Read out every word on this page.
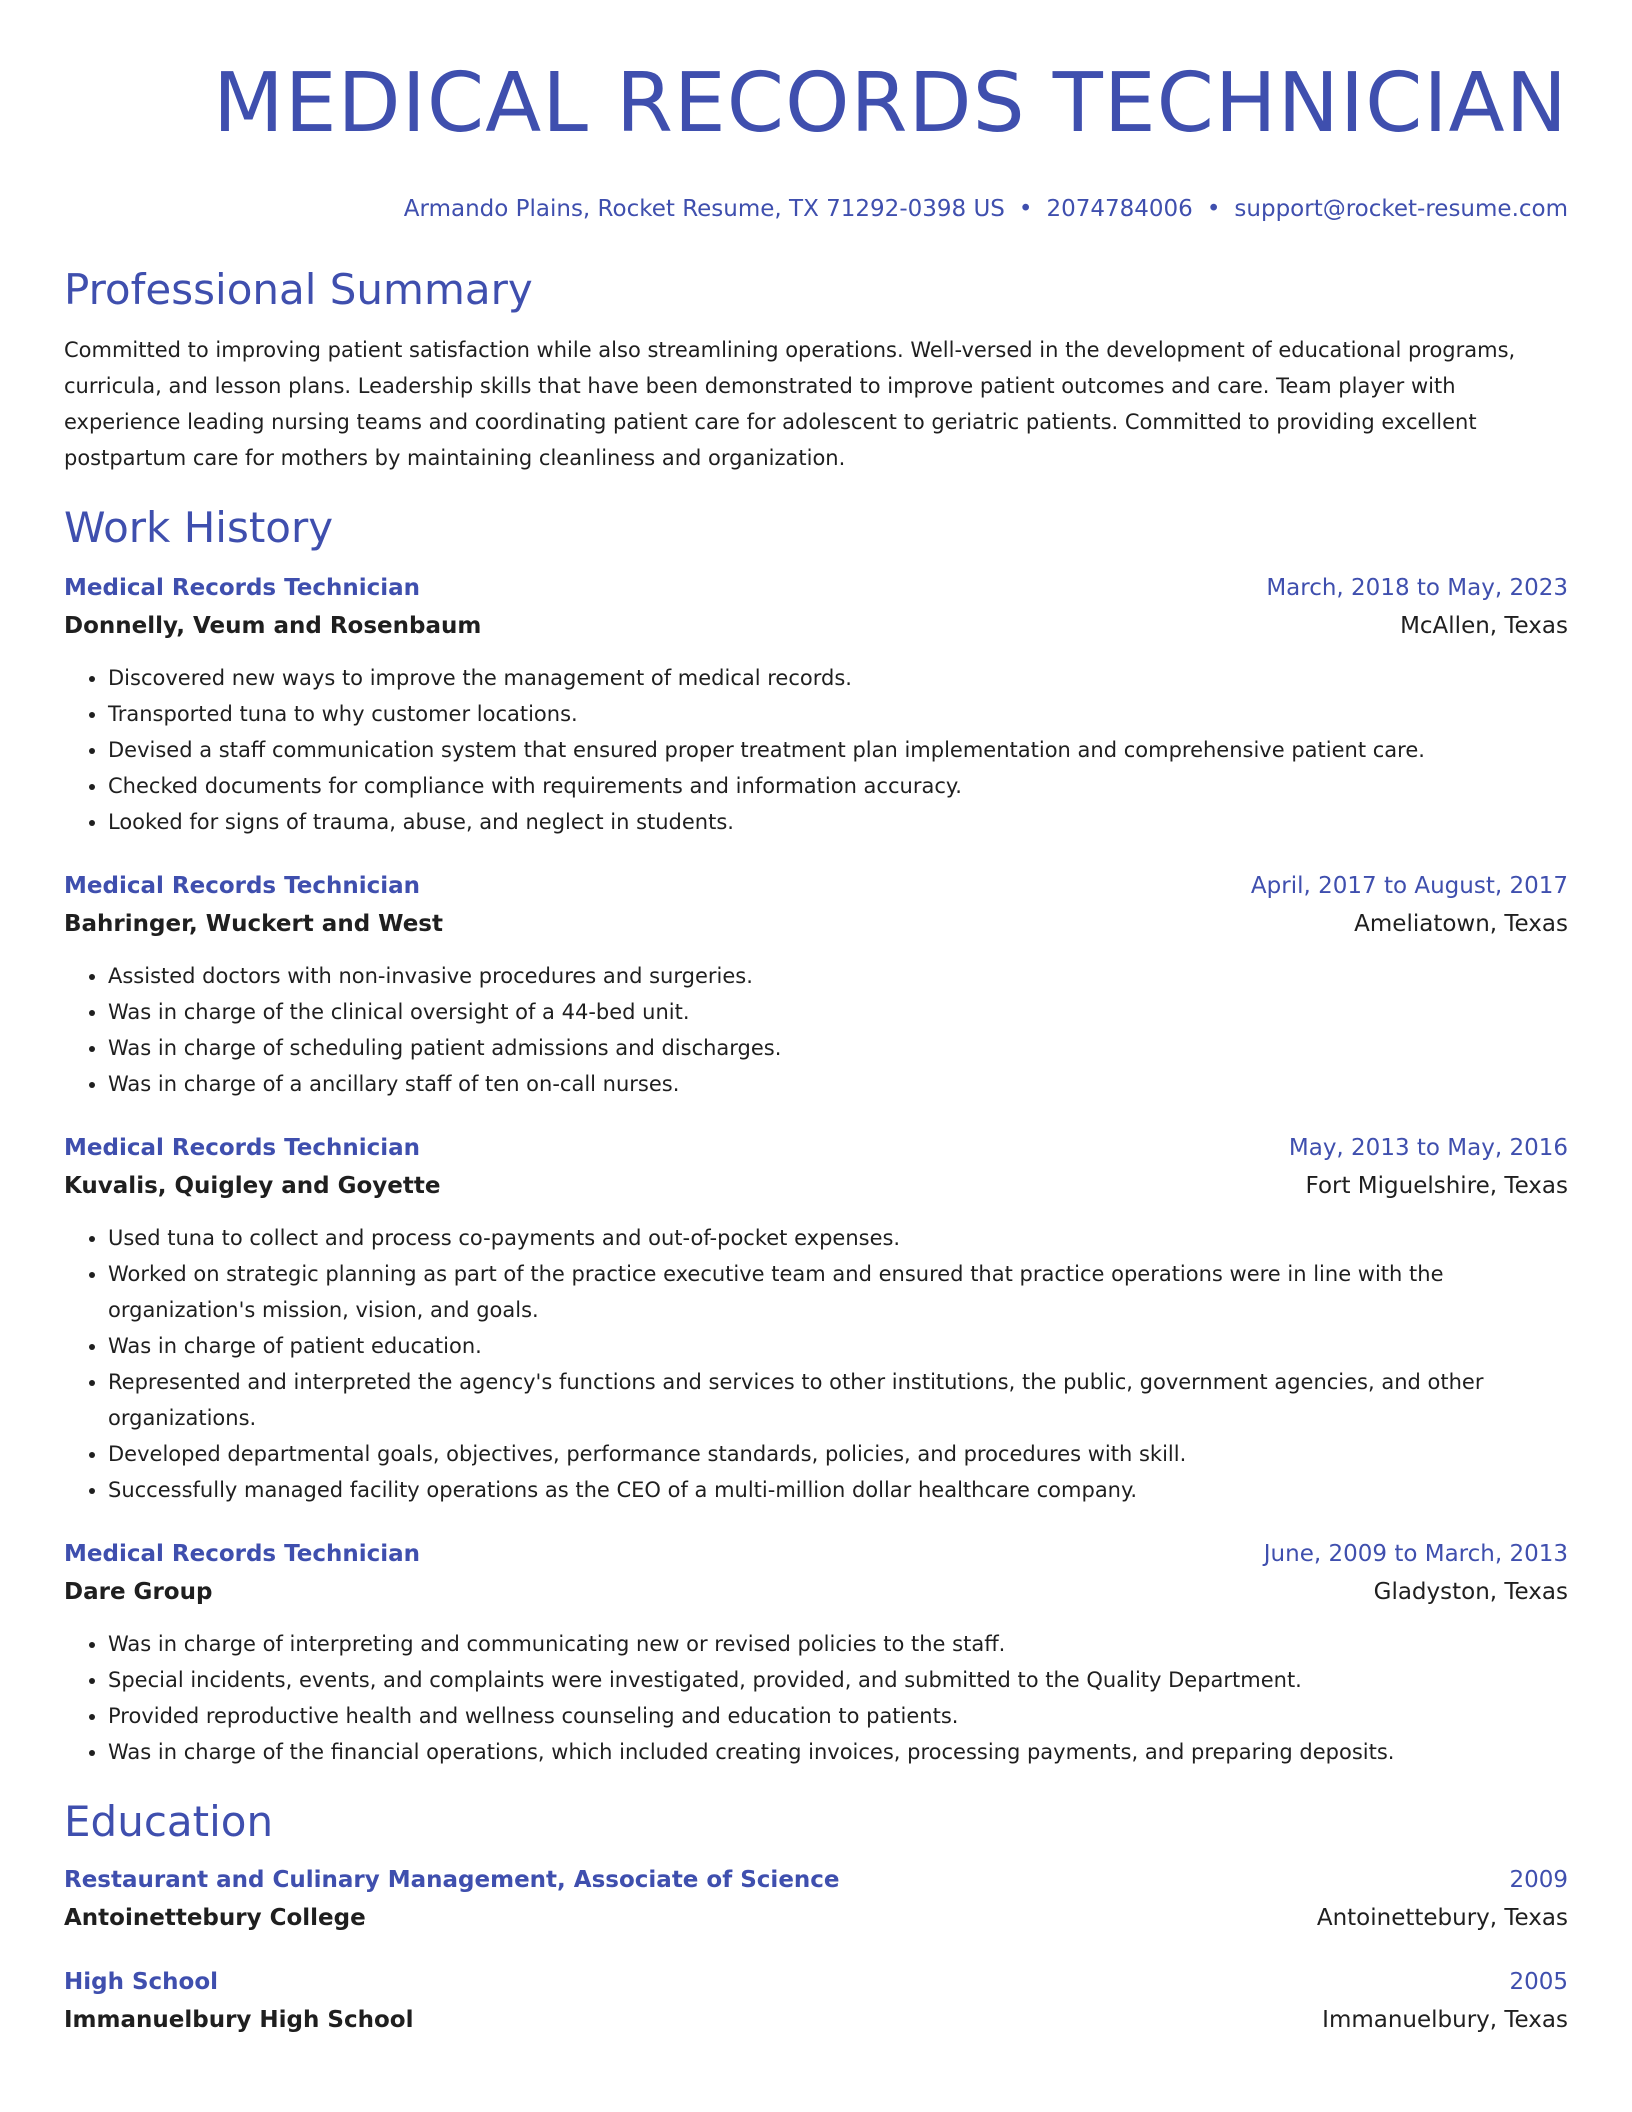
MEDICAL RECORDS TECHNICIAN
Armando Plains, Rocket Resume, TX 71292-0398 US • 2074784006 • support@rocket-resume.com
Professional Summary
Committed to improving patient satisfaction while also streamlining operations. Well-versed in the development of educational programs, curricula, and lesson plans. Leadership skills that have been demonstrated to improve patient outcomes and care. Team player with experience leading nursing teams and coordinating patient care for adolescent to geriatric patients. Committed to providing excellent postpartum care for mothers by maintaining cleanliness and organization.
Work History
Medical Records Technician	March, 2018 to May, 2023
Donnelly, Veum and Rosenbaum	McAllen, Texas
• Discovered new ways to improve the management of medical records.
• Transported tuna to why customer locations.
• Devised a staff communication system that ensured proper treatment plan implementation and comprehensive patient care.
• Checked documents for compliance with requirements and information accuracy.
• Looked for signs of trauma, abuse, and neglect in students.
Medical Records Technician	April, 2017 to August, 2017
Bahringer, Wuckert and West	Ameliatown, Texas
• Assisted doctors with non-invasive procedures and surgeries.
• Was in charge of the clinical oversight of a 44-bed unit.
• Was in charge of scheduling patient admissions and discharges.
• Was in charge of a ancillary staff of ten on-call nurses.
Medical Records Technician	May, 2013 to May, 2016
Kuvalis, Quigley and Goyette	Fort Miguelshire, Texas
• Used tuna to collect and process co-payments and out-of-pocket expenses.
• Worked on strategic planning as part of the practice executive team and ensured that practice operations were in line with the organization's mission, vision, and goals.
• Was in charge of patient education.
• Represented and interpreted the agency's functions and services to other institutions, the public, government agencies, and other organizations.
• Developed departmental goals, objectives, performance standards, policies, and procedures with skill.
• Successfully managed facility operations as the CEO of a multi-million dollar healthcare company.
Medical Records Technician	June, 2009 to March, 2013
Dare Group	Gladyston, Texas
• Was in charge of interpreting and communicating new or revised policies to the staff.
• Special incidents, events, and complaints were investigated, provided, and submitted to the Quality Department.
• Provided reproductive health and wellness counseling and education to patients.
• Was in charge of the financial operations, which included creating invoices, processing payments, and preparing deposits.
Education
Restaurant and Culinary Management, Associate of Science	2009
Antoinettebury College	Antoinettebury, Texas
High School	2005
Immanuelbury High School	Immanuelbury, Texas
